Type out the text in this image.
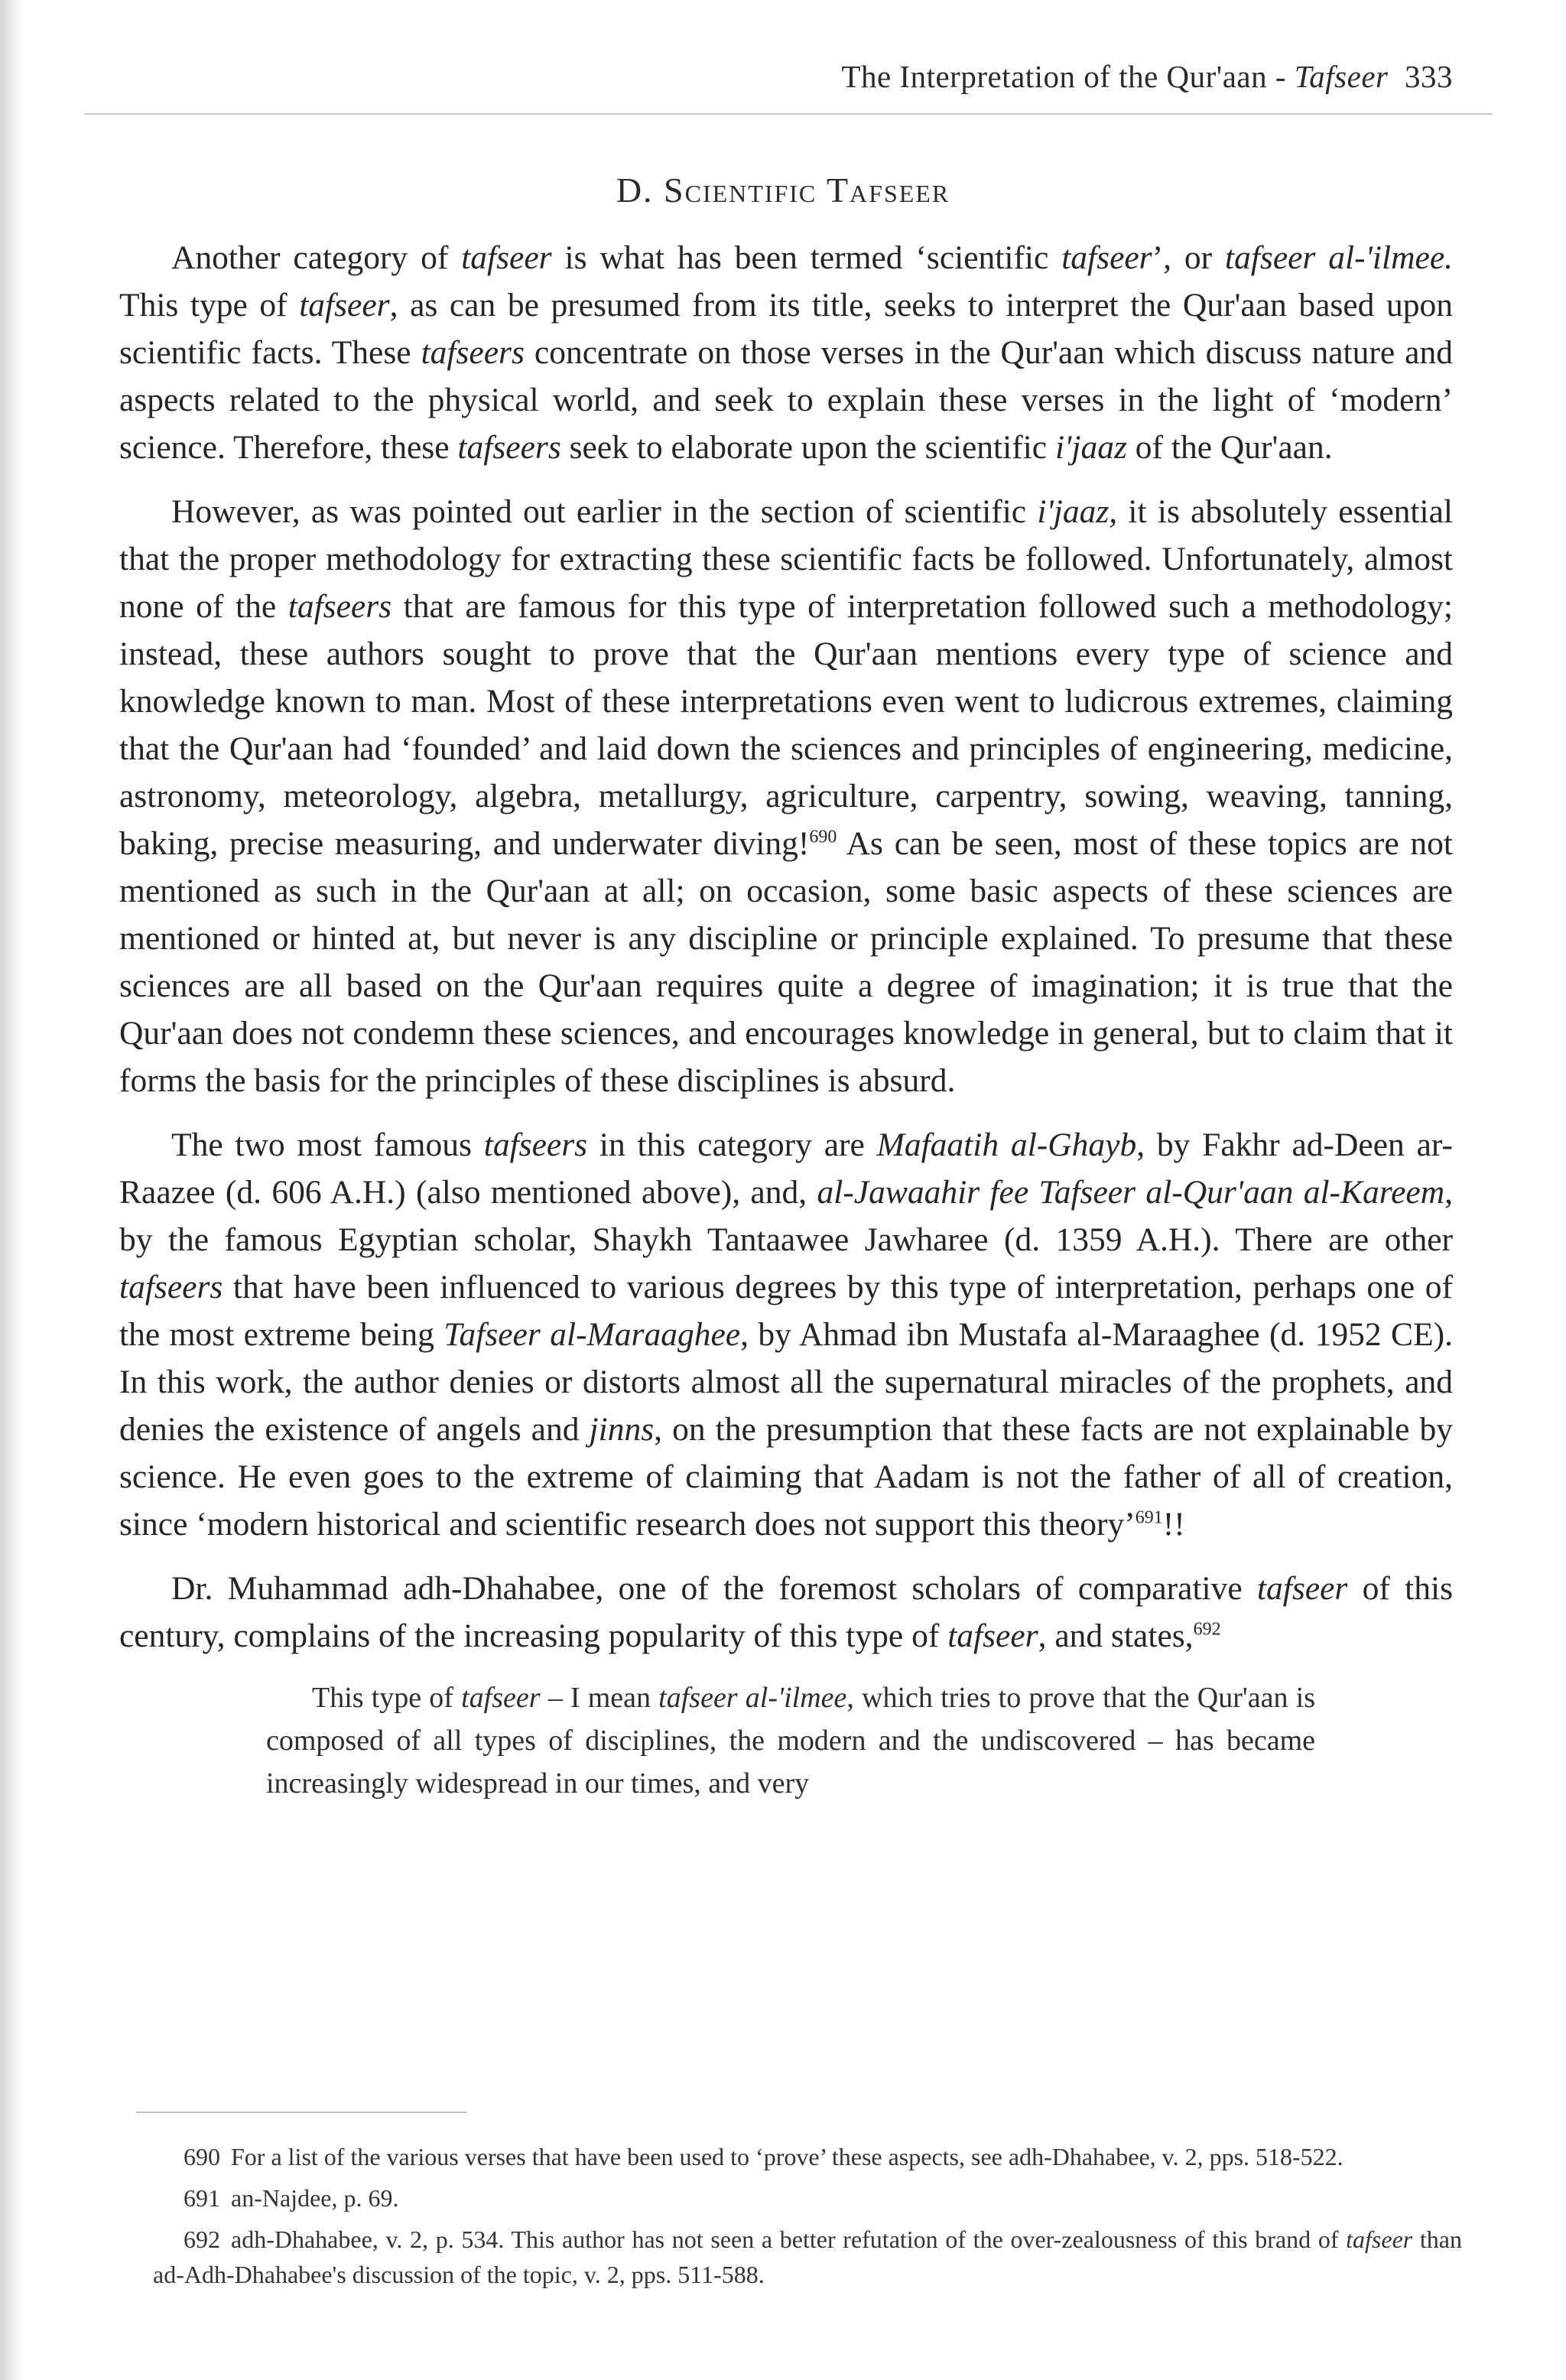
The Interpretation of the Qur'aan - Tafseer 333
D. Scientific Tafseer

Another category of tafseer is what has been termed ‘scientific tafseer’, or tafseer al-'ilmee. This type of tafseer, as can be presumed from its title, seeks to interpret the Qur'aan based upon scientific facts. These tafseers concentrate on those verses in the Qur'aan which discuss nature and aspects related to the physical world, and seek to explain these verses in the light of ‘modern’ science. Therefore, these tafseers seek to elaborate upon the scientific i'jaaz of the Qur'aan.

However, as was pointed out earlier in the section of scientific i'jaaz, it is absolutely essential that the proper methodology for extracting these scientific facts be followed. Unfortunately, almost none of the tafseers that are famous for this type of interpretation followed such a methodology; instead, these authors sought to prove that the Qur'aan mentions every type of science and knowledge known to man. Most of these interpretations even went to ludicrous extremes, claiming that the Qur'aan had ‘founded’ and laid down the sciences and principles of engineering, medicine, astronomy, meteorology, algebra, metallurgy, agriculture, carpentry, sowing, weaving, tanning, baking, precise measuring, and underwater diving!$^{690}$ As can be seen, most of these topics are not mentioned as such in the Qur'aan at all; on occasion, some basic aspects of these sciences are mentioned or hinted at, but never is any discipline or principle explained. To presume that these sciences are all based on the Qur'aan requires quite a degree of imagination; it is true that the Qur'aan does not condemn these sciences, and encourages knowledge in general, but to claim that it forms the basis for the principles of these disciplines is absurd.

The two most famous tafseers in this category are Mafaatih al-Ghayb, by Fakhr ad-Deen ar-Raazee (d. 606 A.H.) (also mentioned above), and, al-Jawaahir fee Tafseer al-Qur'aan al-Kareem, by the famous Egyptian scholar, Shaykh Tantaawee Jawharee (d. 1359 A.H.). There are other tafseers that have been influenced to various degrees by this type of interpretation, perhaps one of the most extreme being Tafseer al-Maraaghee, by Ahmad ibn Mustafa al-Maraaghee (d. 1952 CE). In this work, the author denies or distorts almost all the supernatural miracles of the prophets, and denies the existence of angels and jinns, on the presumption that these facts are not explainable by science. He even goes to the extreme of claiming that Aadam is not the father of all of creation, since ‘modern historical and scientific research does not support this theory’$^{691}$!!

Dr. Muhammad adh-Dhahabee, one of the foremost scholars of comparative tafseer of this century, complains of the increasing popularity of this type of tafseer, and states,$^{692}$

This type of tafseer – I mean tafseer al-'ilmee, which tries to prove that the Qur'aan is composed of all types of disciplines, the modern and the undiscovered – has became increasingly widespread in our times, and very

690 For a list of the various verses that have been used to ‘prove’ these aspects, see adh-Dhahabee, v. 2, pps. 518-522.

691 an-Najdee, p. 69.

692 adh-Dhahabee, v. 2, p. 534. This author has not seen a better refutation of the over-zealousness of this brand of tafseer than ad-Adh-Dhahabee's discussion of the topic, v. 2, pps. 511-588.
